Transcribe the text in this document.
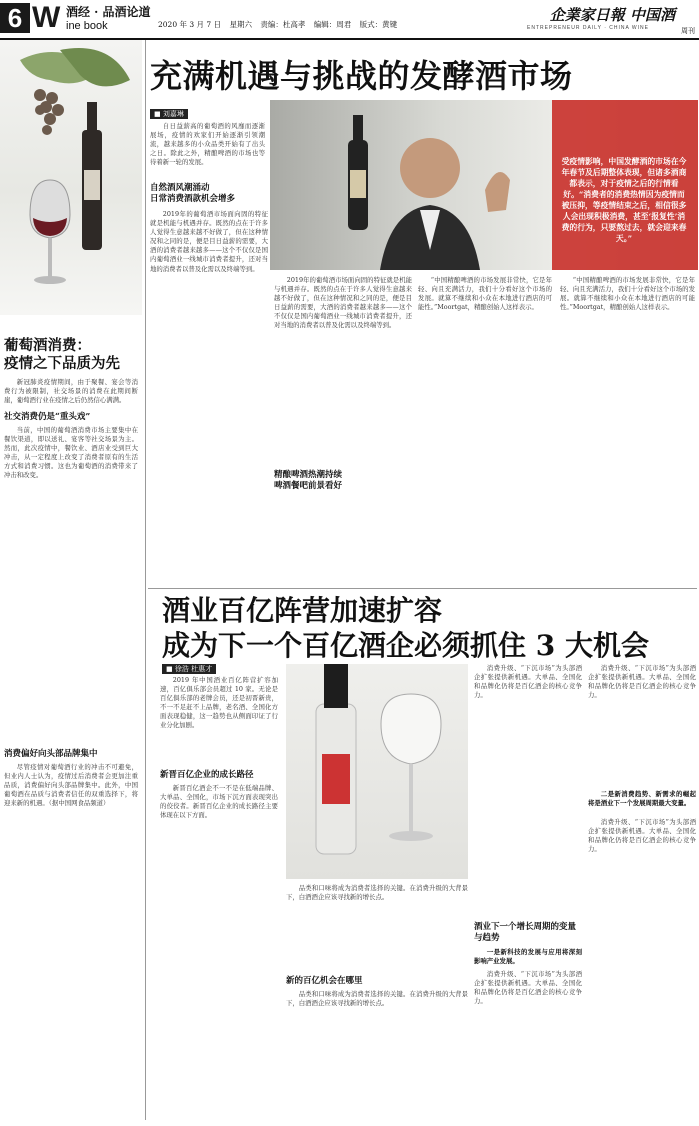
6 W 酒经 · 品酒论道
ine book	2020 年 3 月 7 日 星期六 责编：杜高孝 编辑：周君 版式：黄键
企業家日報 中国酒
ENTREPRENEUR DAILY · CHINA WINE	周刊
葡萄酒消费：
疫情之下品质为先

新冠肺炎疫情期间，由于聚餐、宴会等消费行为被限制，社交场景的消费在此期间断崖，葡萄酒行业在疫情之后仍然信心满满。

社交消费仍是“重头戏”

当前，中国的葡萄酒消费市场主要集中在餐饮渠道，即以送礼、宴客等社交场景为主。然而，此次疫情中，餐饮业、酒店业受到巨大冲击，从一定程度上改变了消费者原有的生活方式和消费习惯。这也为葡萄酒的消费带来了冲击和改变。

消费偏好向头部品牌集中

尽管疫情对葡萄酒行业的冲击不可避免，但业内人士认为，疫情过后消费者会更加注重品质，消费偏好向头部品牌集中。此外，中国葡萄酒在品质与消费者信任的双重选择下，将迎来新的机遇。（据中国网食品频道）

充满机遇与挑战的发酵酒市场
■ 刘嘉琳

自日益薪高的葡萄酒的风靡而逐渐展场，疫情的欢家们开始逐渐引领潮流，越来越多的小众品类开始有了出头之日。除此之外，精酿啤酒的市场也等待着新一轮的发展。	受疫情影响，中国发酵酒的市场在今年春节及后期整体表现，但诸多酒商都表示，对于疫情之后的行情看好。“消费者的消费热情因为疫情而被压抑，等疫情结束之后，相信很多人会出现积极消费，甚至‘报复性’消费的行为，只要熬过去，就会迎来春天。”
自然酒风潮涌动
日常消费酒款机会增多

2019年的葡萄酒市场面向固的特征就是机能与机遇并存。既然的点在于许多人觉得生意越来越不好做了，但在这种情况和之同的是，便是目日益薪的需要，大酒的消费者越来越多——这个不仅仅是国内葡萄酒业一线城市消费者提升，还对当地的消费者以普及化需以及终端等到。

2019年的葡萄酒市场面向固的特征就是机能与机遇并存。既然的点在于许多人觉得生意越来越不好做了，但在这种情况和之同的是，便是目日益薪的需要，大酒的消费者越来越多——这个不仅仅是国内葡萄酒业一线城市消费者提升，还对当地的消费者以普及化需以及终端等到。

精酿啤酒热潮持续
啤酒餐吧前景看好

“中国精酿啤酒的市场发展非常快，它是年轻、向且充满活力，我们十分看好这个市场的发展。就算不继续和小众在本地进行酒店的可能性。”Moortgat，精酿创始人这样表示。

“中国精酿啤酒的市场发展非常快，它是年轻、向且充满活力，我们十分看好这个市场的发展。就算不继续和小众在本地进行酒店的可能性。”Moortgat，精酿创始人这样表示。

酒业百亿阵营加速扩容
成为下一个百亿酒企必须抓住 3 大机会
■ 徐浩 杜惠才

2019 年中国酒业百亿阵营扩容加速，百亿俱乐部会员超过 10 家。无论是百亿俱乐部的老牌会员，还是初晋新贵，不一不足赶不上品牌，老名酒、全国化方面表现稳健，这一趋势也从侧面印证了行业分化加剧。

新晋百亿企业的成长路径

新晋百亿酒企不一不是在低端品牌、大单品、全国化，市场下沉方面表现突出的佼佼者。新晋百亿企业的成长路径主要体现在以下方面。

品类和口味将成为消费者选择的关键。在消费升级的大背景下，白酒酒企应该寻找新的增长点。

新的百亿机会在哪里

品类和口味将成为消费者选择的关键。在消费升级的大背景下，白酒酒企应该寻找新的增长点。

消费升级、“下沉市场”为头部酒企扩张提供新机遇。大单品、全国化和品牌化仍将是百亿酒企的核心竞争力。

酒业下一个增长周期的变量与趋势

一是新科技的发展与应用将深刻影响产业发展。

消费升级、“下沉市场”为头部酒企扩张提供新机遇。大单品、全国化和品牌化仍将是百亿酒企的核心竞争力。

消费升级、“下沉市场”为头部酒企扩张提供新机遇。大单品、全国化和品牌化仍将是百亿酒企的核心竞争力。

二是新消费趋势、新需求的崛起将是酒业下一个发展周期最大变量。

消费升级、“下沉市场”为头部酒企扩张提供新机遇。大单品、全国化和品牌化仍将是百亿酒企的核心竞争力。
